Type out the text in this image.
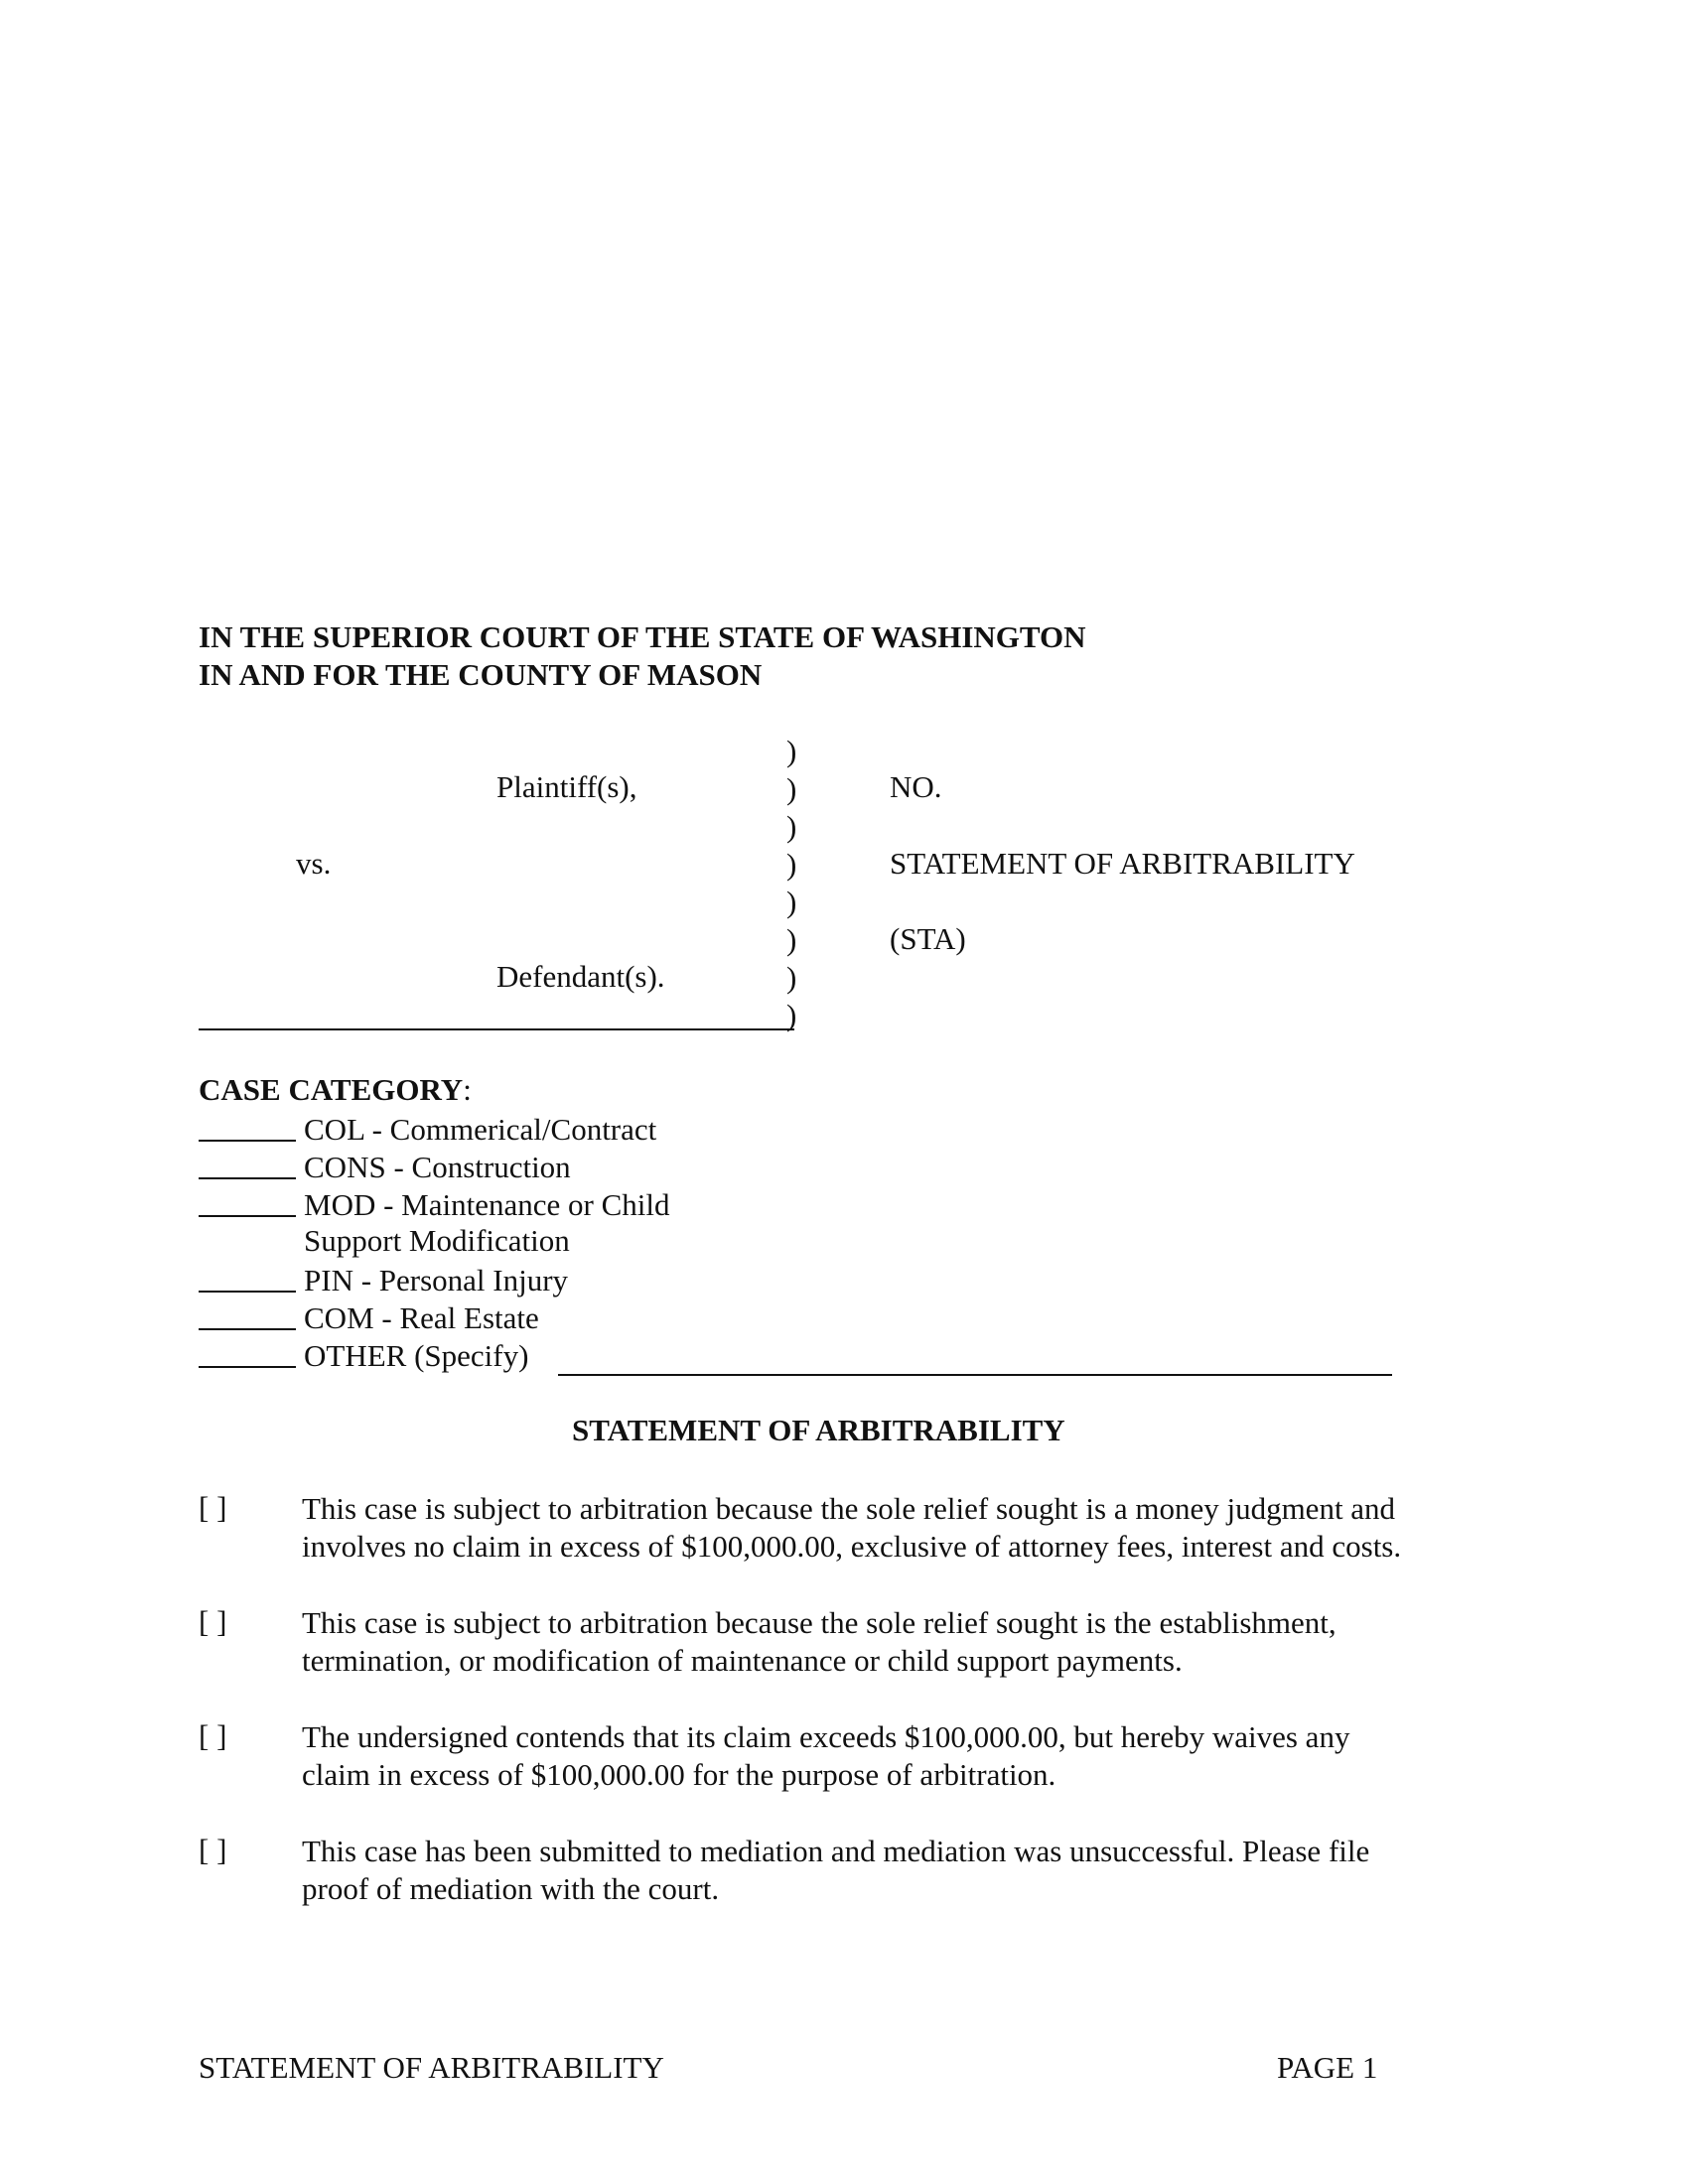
IN THE SUPERIOR COURT OF THE STATE OF WASHINGTON
IN AND FOR THE COUNTY OF MASON
Plaintiff(s),
vs.
Defendant(s).
)
)
)
)
)
)
)
)
NO.
STATEMENT OF ARBITRABILITY
(STA)
CASE CATEGORY:
COL - Commerical/Contract
CONS - Construction
MOD - Maintenance or Child
Support Modification
PIN - Personal Injury
COM - Real Estate
OTHER (Specify)
STATEMENT OF ARBITRABILITY
[ ] This case is subject to arbitration because the sole relief sought is a money judgment and
involves no claim in excess of $100,000.00, exclusive of attorney fees, interest and costs.
[ ] This case is subject to arbitration because the sole relief sought is the establishment,
termination, or modification of maintenance or child support payments.
[ ] The undersigned contends that its claim exceeds $100,000.00, but hereby waives any
claim in excess of $100,000.00 for the purpose of arbitration.
[ ] This case has been submitted to mediation and mediation was unsuccessful. Please file
proof of mediation with the court.
STATEMENT OF ARBITRABILITY	PAGE 1
